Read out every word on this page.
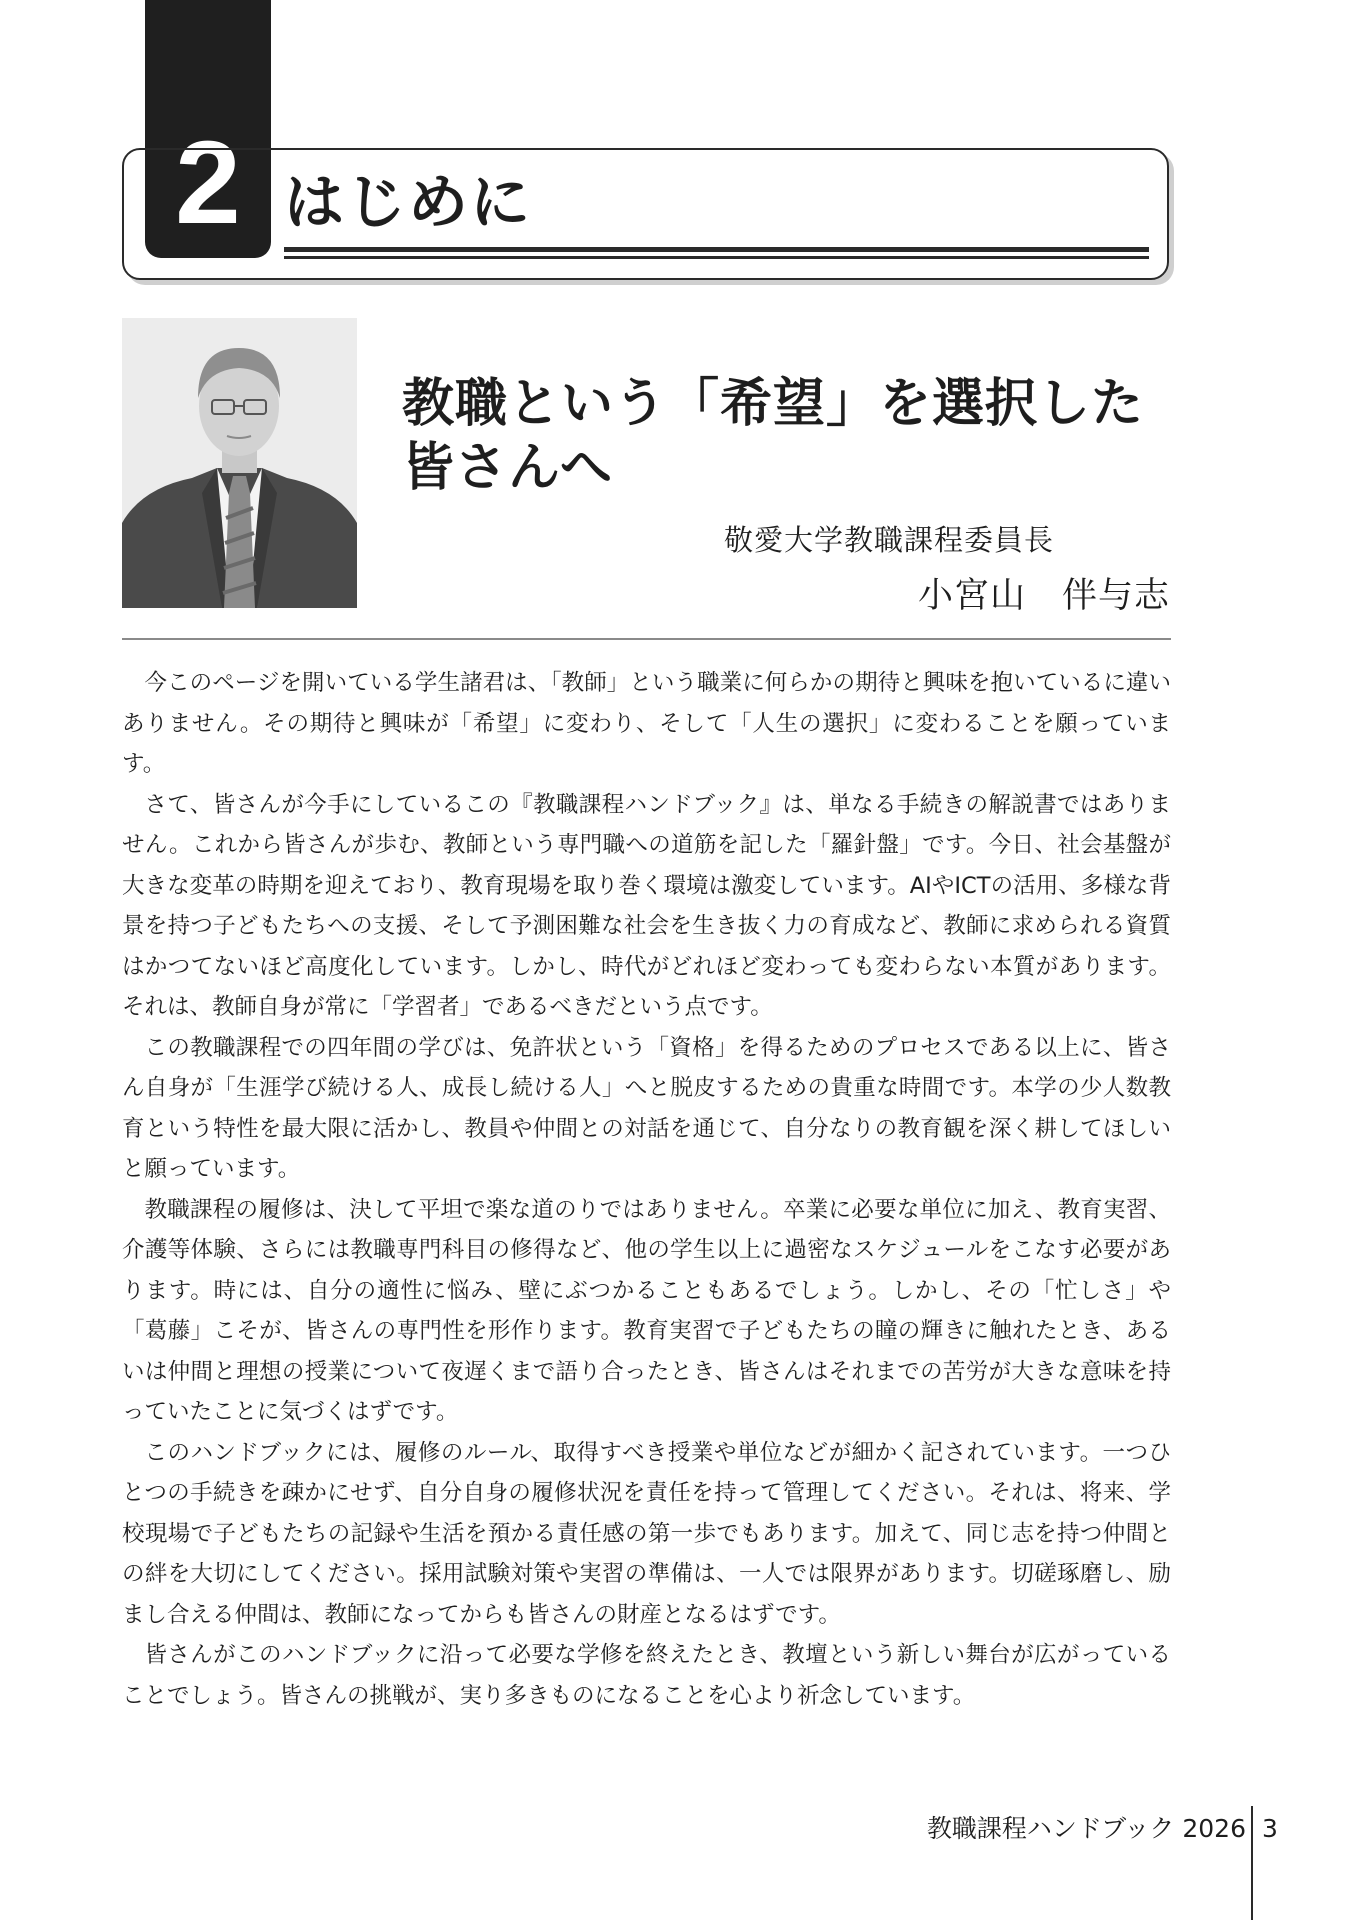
2 はじめに
教職という「希望」を選択した
皆さんへ
敬愛大学教職課程委員長
小宮山　伴与志

今このページを開いている学生諸君は、「教師」という職業に何らかの期待と興味を抱いているに違いありません。その期待と興味が「希望」に変わり、そして「人生の選択」に変わることを願っています。

さて、皆さんが今手にしているこの『教職課程ハンドブック』は、単なる手続きの解説書ではありません。これから皆さんが歩む、教師という専門職への道筋を記した「羅針盤」です。今日、社会基盤が大きな変革の時期を迎えており、教育現場を取り巻く環境は激変しています。AIやICTの活用、多様な背景を持つ子どもたちへの支援、そして予測困難な社会を生き抜く力の育成など、教師に求められる資質はかつてないほど高度化しています。しかし、時代がどれほど変わっても変わらない本質があります。それは、教師自身が常に「学習者」であるべきだという点です。

この教職課程での四年間の学びは、免許状という「資格」を得るためのプロセスである以上に、皆さん自身が「生涯学び続ける人、成長し続ける人」へと脱皮するための貴重な時間です。本学の少人数教育という特性を最大限に活かし、教員や仲間との対話を通じて、自分なりの教育観を深く耕してほしいと願っています。

教職課程の履修は、決して平坦で楽な道のりではありません。卒業に必要な単位に加え、教育実習、介護等体験、さらには教職専門科目の修得など、他の学生以上に過密なスケジュールをこなす必要があります。時には、自分の適性に悩み、壁にぶつかることもあるでしょう。しかし、その「忙しさ」や「葛藤」こそが、皆さんの専門性を形作ります。教育実習で子どもたちの瞳の輝きに触れたとき、あるいは仲間と理想の授業について夜遅くまで語り合ったとき、皆さんはそれまでの苦労が大きな意味を持っていたことに気づくはずです。

このハンドブックには、履修のルール、取得すべき授業や単位などが細かく記されています。一つひとつの手続きを疎かにせず、自分自身の履修状況を責任を持って管理してください。それは、将来、学校現場で子どもたちの記録や生活を預かる責任感の第一歩でもあります。加えて、同じ志を持つ仲間との絆を大切にしてください。採用試験対策や実習の準備は、一人では限界があります。切磋琢磨し、励まし合える仲間は、教師になってからも皆さんの財産となるはずです。

皆さんがこのハンドブックに沿って必要な学修を終えたとき、教壇という新しい舞台が広がっていることでしょう。皆さんの挑戦が、実り多きものになることを心より祈念しています。

教職課程ハンドブック 2026 3
